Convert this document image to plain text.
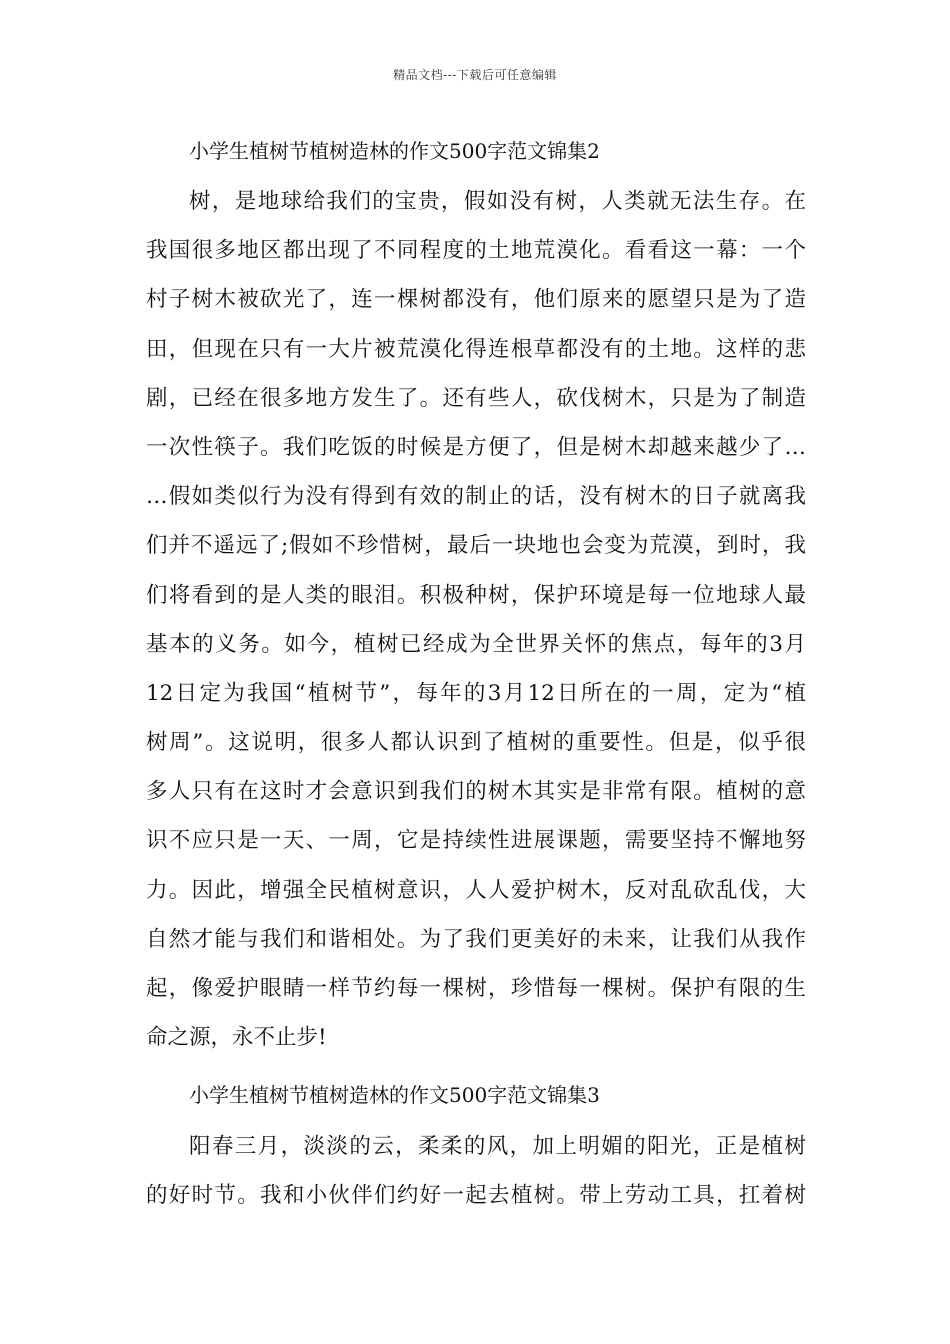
精品文档---下载后可任意编辑
小学生植树节植树造林的作文500字范文锦集2
树，是地球给我们的宝贵，假如没有树，人类就无法生存。在
我国很多地区都出现了不同程度的土地荒漠化。看看这一幕：一个
村子树木被砍光了，连一棵树都没有，他们原来的愿望只是为了造
田，但现在只有一大片被荒漠化得连根草都没有的土地。这样的悲
剧，已经在很多地方发生了。还有些人，砍伐树木，只是为了制造
一次性筷子。我们吃饭的时候是方便了，但是树木却越来越少了…
…假如类似行为没有得到有效的制止的话，没有树木的日子就离我
们并不遥远了;假如不珍惜树，最后一块地也会变为荒漠，到时，我
们将看到的是人类的眼泪。积极种树，保护环境是每一位地球人最
基本的义务。如今，植树已经成为全世界关怀的焦点，每年的3月
12日定为我国“植树节”，每年的3月12日所在的一周，定为“植
树周”。这说明，很多人都认识到了植树的重要性。但是，似乎很
多人只有在这时才会意识到我们的树木其实是非常有限。植树的意
识不应只是一天、一周，它是持续性进展课题，需要坚持不懈地努
力。因此，增强全民植树意识，人人爱护树木，反对乱砍乱伐，大
自然才能与我们和谐相处。为了我们更美好的未来，让我们从我作
起，像爱护眼睛一样节约每一棵树，珍惜每一棵树。保护有限的生
命之源，永不止步!
小学生植树节植树造林的作文500字范文锦集3
阳春三月，淡淡的云，柔柔的风，加上明媚的阳光，正是植树
的好时节。我和小伙伴们约好一起去植树。带上劳动工具，扛着树
